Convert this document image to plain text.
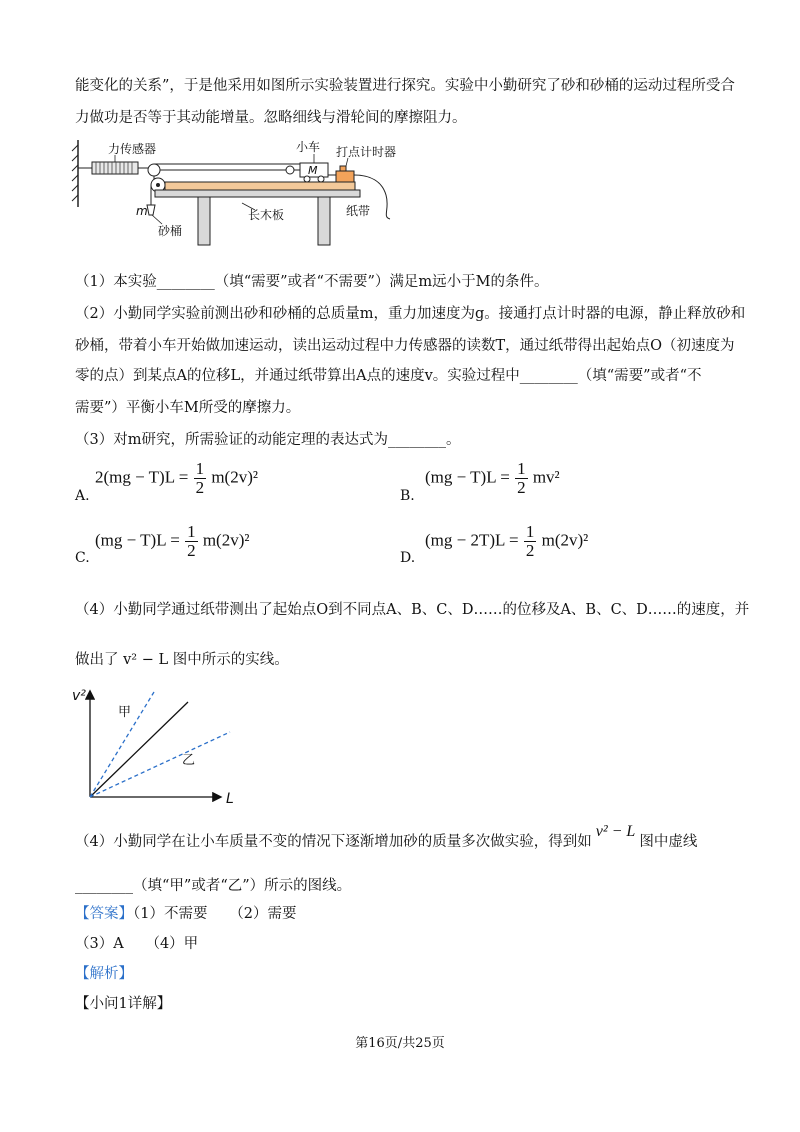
能变化的关系”，于是他采用如图所示实验装置进行探究。实验中小勤研究了砂和砂桶的运动过程所受合
力做功是否等于其动能增量。忽略细线与滑轮间的摩擦阻力。
力传感器
m
砂桶
长木板
M
小车 打点计时器
纸带
（1）本实验________（填“需要”或者“不需要”）满足m远小于M的条件。
（2）小勤同学实验前测出砂和砂桶的总质量m，重力加速度为g。接通打点计时器的电源，静止释放砂和
砂桶，带着小车开始做加速运动，读出运动过程中力传感器的读数T，通过纸带得出起始点O（初速度为
零的点）到某点A的位移L，并通过纸带算出A点的速度v。实验过程中________（填“需要”或者“不
需要”）平衡小车M所受的摩擦力。
（3）对m研究，所需验证的动能定理的表达式为________。
A.
$2(mg - T)L = \frac{1}{2} m(2v)^2$
B.
$(mg - T)L = \frac{1}{2} mv^2$
C.
$(mg - T)L = \frac{1}{2} m(2v)^2$
D.
$(mg - 2T)L = \frac{1}{2} m(2v)^2$
（4）小勤同学通过纸带测出了起始点O到不同点A、B、C、D……的位移及A、B、C、D……的速度，并
做出了 v² − L 图中所示的实线。
v²
L
甲
乙
（4）小勤同学在让小车质量不变的情况下逐渐增加砂的质量多次做实验，得到如v² − L图中虚线
________（填“甲”或者“乙”）所示的图线。
【答案】（1）不需要　　（2）需要
（3）A　　（4）甲
【解析】
【小问1详解】
第16页/共25页
